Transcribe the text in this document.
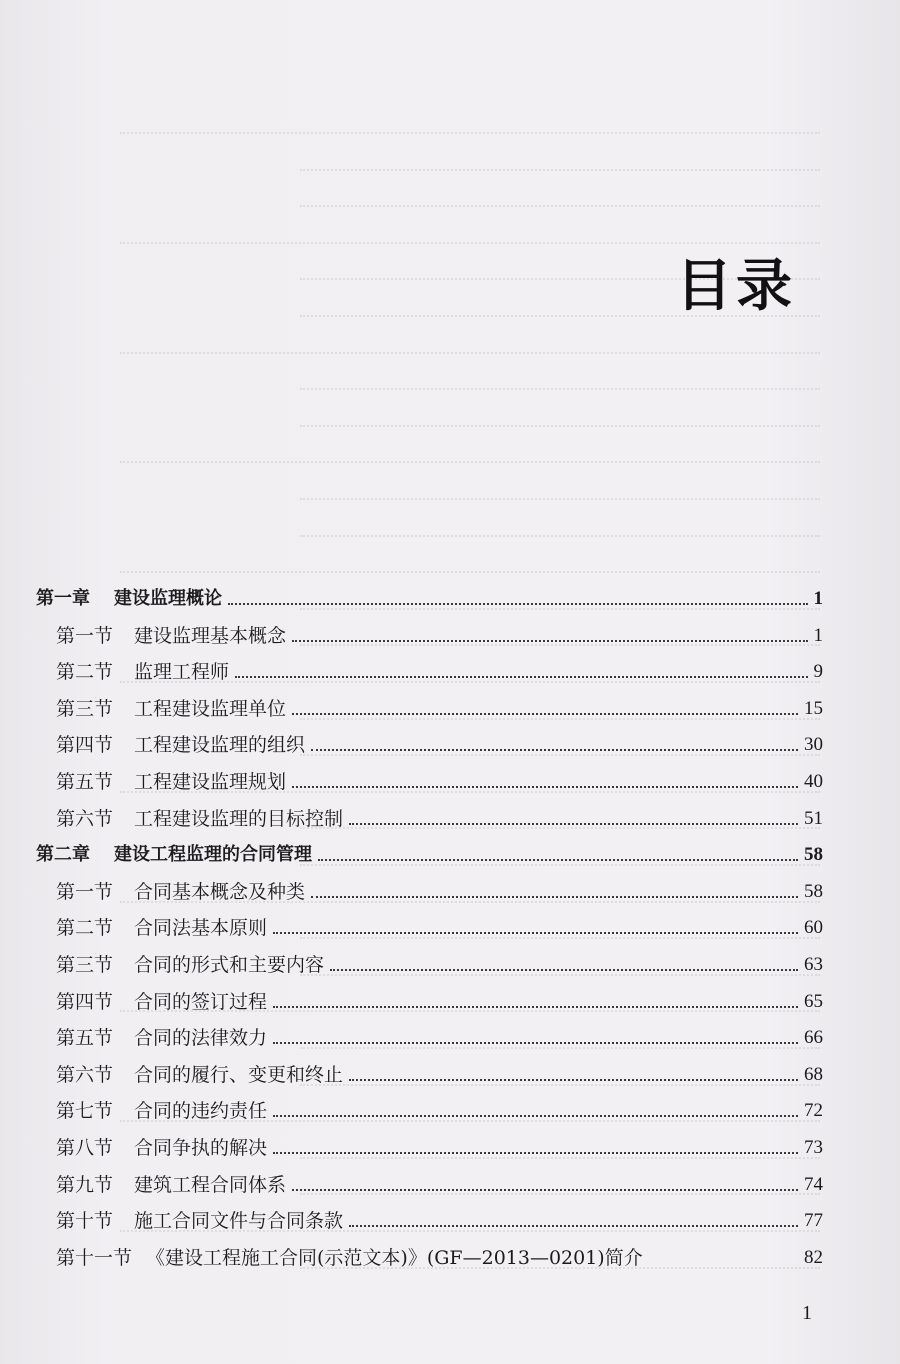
目录
第一章 建设监理概论	1
第一节 建设监理基本概念	1
第二节 监理工程师	9
第三节 工程建设监理单位	15
第四节 工程建设监理的组织	30
第五节 工程建设监理规划	40
第六节 工程建设监理的目标控制	51
第二章 建设工程监理的合同管理	58
第一节 合同基本概念及种类	58
第二节 合同法基本原则	60
第三节 合同的形式和主要内容	63
第四节 合同的签订过程	65
第五节 合同的法律效力	66
第六节 合同的履行、变更和终止	68
第七节 合同的违约责任	72
第八节 合同争执的解决	73
第九节 建筑工程合同体系	74
第十节 施工合同文件与合同条款	77
第十一节 《建设工程施工合同(示范文本)》(GF—2013—0201)简介	82
1
